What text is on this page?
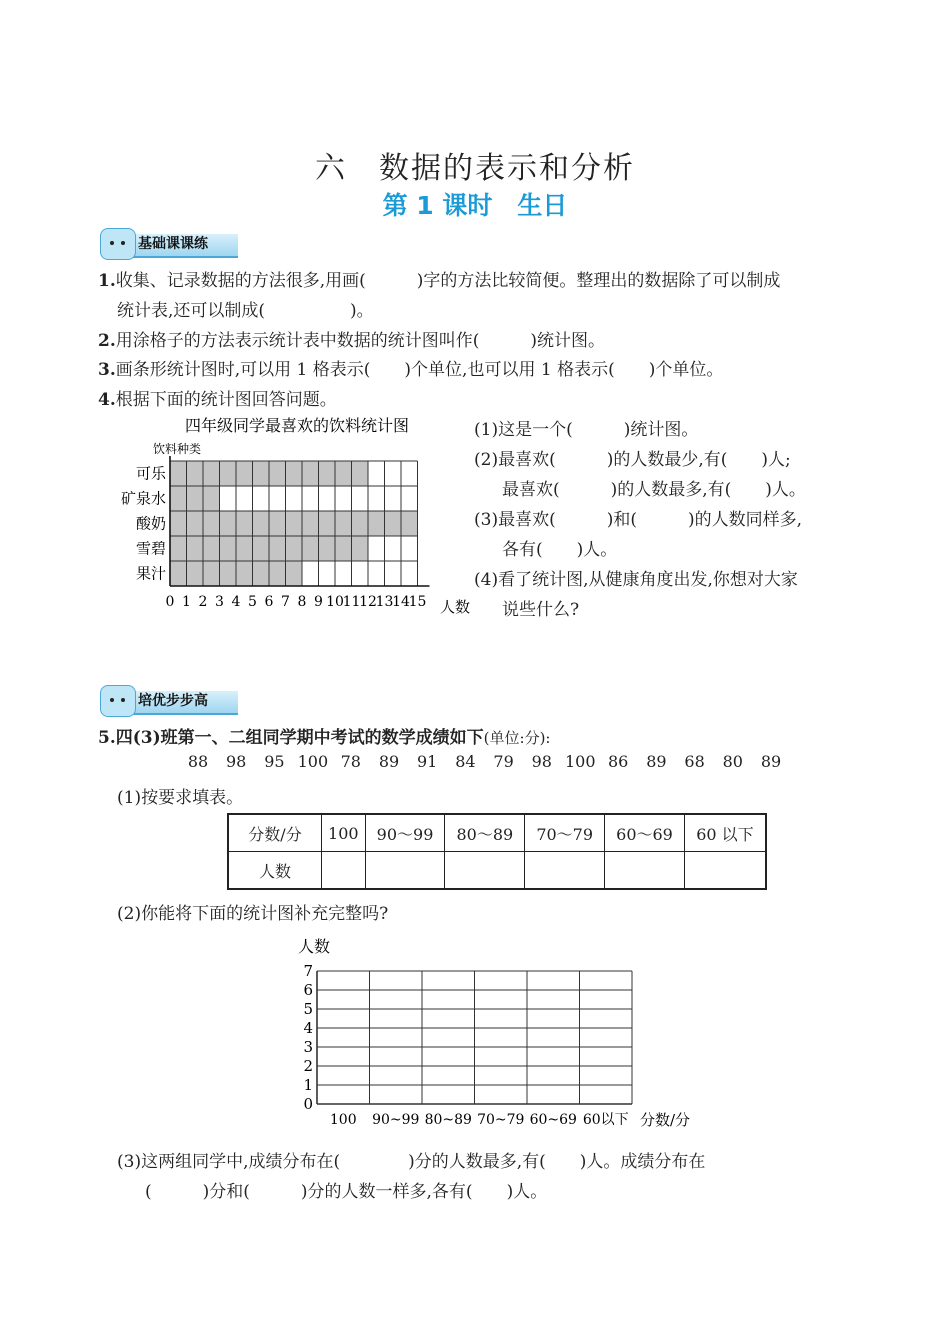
六　数据的表示和分析
第 1 课时　生日
基础课课练
1.收集、记录数据的方法很多,用画(　　　)字的方法比较简便。整理出的数据除了可以制成
统计表,还可以制成(　　　　　)。
2.用涂格子的方法表示统计表中数据的统计图叫作(　　　)统计图。
3.画条形统计图时,可以用 1 格表示(　　)个单位,也可以用 1 格表示(　　)个单位。
4.根据下面的统计图回答问题。
四年级同学最喜欢的饮料统计图
饮料种类
人数
可乐
矿泉水
酸奶
雪碧
果汁
0 1 2 3 4 5 6 7 8 9 10
11
12
13
14
15
(1)这是一个(　　　)统计图。
(2)最喜欢(　　　)的人数最少,有(　　)人;
最喜欢(　　　)的人数最多,有(　　)人。
(3)最喜欢(　　　)和(　　　)的人数同样多,
各有(　　)人。
(4)看了统计图,从健康角度出发,你想对大家
说些什么?
培优步步高
5.四(3)班第一、二组同学期中考试的数学成绩如下(单位:分):
88	98	95 100 78	89	91	84	79	98 100 86	89	68	80	89
(1)按要求填表。
分数/分	100	90～99	80～89	70～79	60～69	60 以下
人数						
(2)你能将下面的统计图补充完整吗?
人数
分数/分
0
1
2
3
4
5
6
7
100 90~99 80~89 70~79 60~69 60以下
(3)这两组同学中,成绩分布在(　　　　)分的人数最多,有(　　)人。成绩分布在
(　　　)分和(　　　)分的人数一样多,各有(　　)人。
